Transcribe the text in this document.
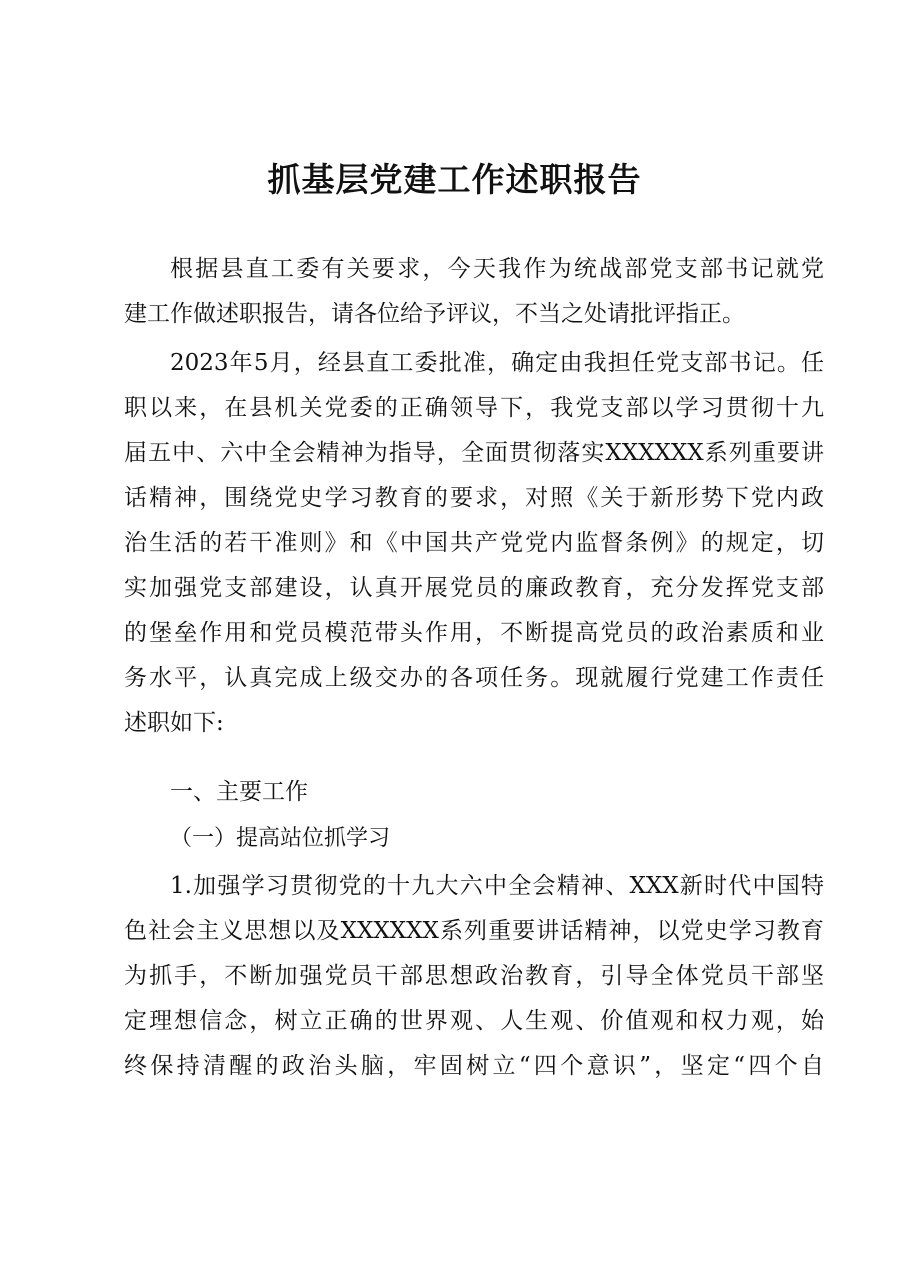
抓基层党建工作述职报告
根据县直工委有关要求，今天我作为统战部党支部书记就党
建工作做述职报告，请各位给予评议，不当之处请批评指正。
2023年5月，经县直工委批准，确定由我担任党支部书记。任
职以来，在县机关党委的正确领导下，我党支部以学习贯彻十九
届五中、六中全会精神为指导，全面贯彻落实XXXXXX系列重要讲
话精神，围绕党史学习教育的要求，对照《关于新形势下党内政
治生活的若干准则》和《中国共产党党内监督条例》的规定，切
实加强党支部建设，认真开展党员的廉政教育，充分发挥党支部
的堡垒作用和党员模范带头作用，不断提高党员的政治素质和业
务水平，认真完成上级交办的各项任务。现就履行党建工作责任
述职如下:
一、主要工作
（一）提高站位抓学习
1.加强学习贯彻党的十九大六中全会精神、XXX新时代中国特
色社会主义思想以及XXXXXX系列重要讲话精神，以党史学习教育
为抓手，不断加强党员干部思想政治教育，引导全体党员干部坚
定理想信念，树立正确的世界观、人生观、价值观和权力观，始
终保持清醒的政治头脑，牢固树立“四个意识”，坚定“四个自
